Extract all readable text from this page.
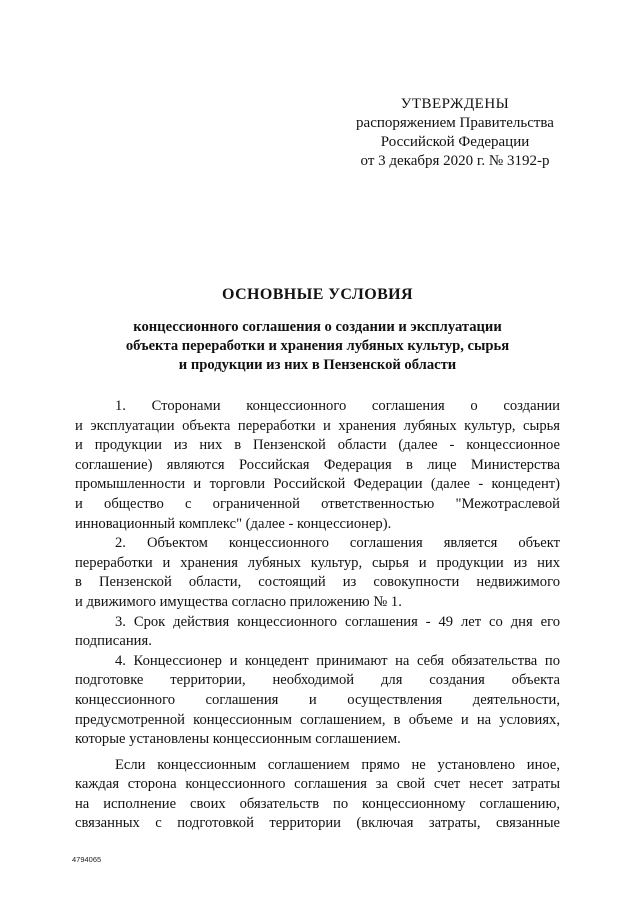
УТВЕРЖДЕНЫ
распоряжением Правительства
Российской Федерации
от 3 декабря 2020 г. № 3192-р
ОСНОВНЫЕ УСЛОВИЯ
концессионного соглашения о создании и эксплуатации
объекта переработки и хранения лубяных культур, сырья
и продукции из них в Пензенской области
1. Сторонами концессионного соглашения о создании
и эксплуатации объекта переработки и хранения лубяных культур, сырья
и продукции из них в Пензенской области (далее - концессионное
соглашение) являются Российская Федерация в лице Министерства
промышленности и торговли Российской Федерации (далее - концедент)
и общество с ограниченной ответственностью "Межотраслевой
инновационный комплекс" (далее - концессионер).
2. Объектом концессионного соглашения является объект
переработки и хранения лубяных культур, сырья и продукции из них
в Пензенской области, состоящий из совокупности недвижимого
и движимого имущества согласно приложению № 1.
3. Срок действия концессионного соглашения - 49 лет со дня его
подписания.
4. Концессионер и концедент принимают на себя обязательства по
подготовке территории, необходимой для создания объекта
концессионного соглашения и осуществления деятельности,
предусмотренной концессионным соглашением, в объеме и на условиях,
которые установлены концессионным соглашением.
Если концессионным соглашением прямо не установлено иное,
каждая сторона концессионного соглашения за свой счет несет затраты
на исполнение своих обязательств по концессионному соглашению,
связанных с подготовкой территории (включая затраты, связанные
4794065
